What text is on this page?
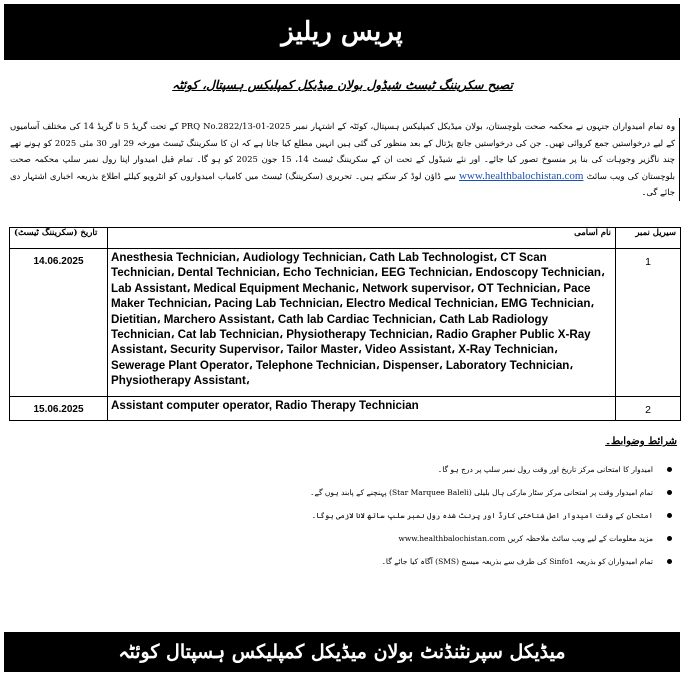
پریس ریلیز
تصیح سکریننگ ٹیسٹ شیڈول بولان میڈیکل کمپلیکس ہسپتال، کوئٹہ
وہ تمام امیدواران جنہوں نے محکمہ صحت بلوچستان، بولان میڈیکل کمپلیکس ہسپتال، کوئٹہ کے اشتہار نمبر PRQ No.2822/13-01-2025 کے تحت گریڈ 5 تا گریڈ 14 کی مختلف آسامیوں کے لیے درخواستیں جمع کروائی تھیں۔ جن کی درخواستیں جانچ پڑتال کے بعد منظور کی گئی ہیں انہیں مطلع کیا جاتا ہے کہ ان کا سکریننگ ٹیسٹ مورخہ 29 اور 30 مئی 2025 کو ہونے تھے چند ناگزیر وجوہات کی بنا پر منسوخ تصور کیا جائے۔ اور نئے شیڈول کے تحت ان کے سکریننگ ٹیسٹ 14، 15 جون 2025 کو ہو گا۔ تمام قبل امیدوار اپنا رول نمبر سلپ محکمہ صحت بلوچستان کی ویب سائٹ www.healthbalochistan.com سے ڈاؤن لوڈ کر سکتے ہیں۔ تحریری (سکریننگ) ٹیسٹ میں کامیاب امیدواروں کو انٹرویو کیلئے اطلاع بذریعہ اخباری اشتہار دی جائے گی۔
تاریخ (سکریننگ ٹیسٹ)	نام آسامی	سیریل نمبر
14.06.2025	Anesthesia Technician، Audiology Technician، Cath Lab Technologist، CT Scan Technician، Dental Technician، Echo Technician، EEG Technician، Endoscopy Technician، Lab Assistant، Medical Equipment Mechanic، Network supervisor، OT Technician، Pace Maker Technician، Pacing Lab Technician، Electro Medical Technician، EMG Technician، Dietitian، Marchero Assistant، Cath lab Cardiac Technician، Cath Lab Radiology Technician، Cat lab Technician، Physiotherapy Technician، Radio Grapher Public X-Ray Assistant، Security Supervisor، Tailor Master، Video Assistant، X-Ray Technician، Sewerage Plant Operator، Telephone Technician، Dispenser، Laboratory Technician، Physiotherapy Assistant،	1
15.06.2025	Assistant computer operator, Radio Therapy Technician	2
شرائط وضوابط۔
امیدوار کا امتحانی مرکز تاریخ اور وقت رول نمبر سلپ پر درج ہو گا۔
تمام امیدوار وقت پر امتحانی مرکز سٹار مارکی ہال بلیلی (Star Marquee Baleli) پہنچنے کے پابند ہوں گے۔
امتحان کے وقت امیدوار اصل شناختی کارڈ اور پرنٹ شدہ رول نمبر سلپ ساتھ لانا لازمی ہوگا۔
مزید معلومات کے لیے ویب سائٹ ملاحظہ کریں www.healthbalochistan.com
تمام امیدواران کو بذریعہ Sinfo1 کی طرف سے بذریعہ میسج (SMS) آگاہ کیا جائے گا۔
میڈیکل سپرنٹنڈنٹ بولان میڈیکل کمپلیکس ہسپتال کوئٹہ
